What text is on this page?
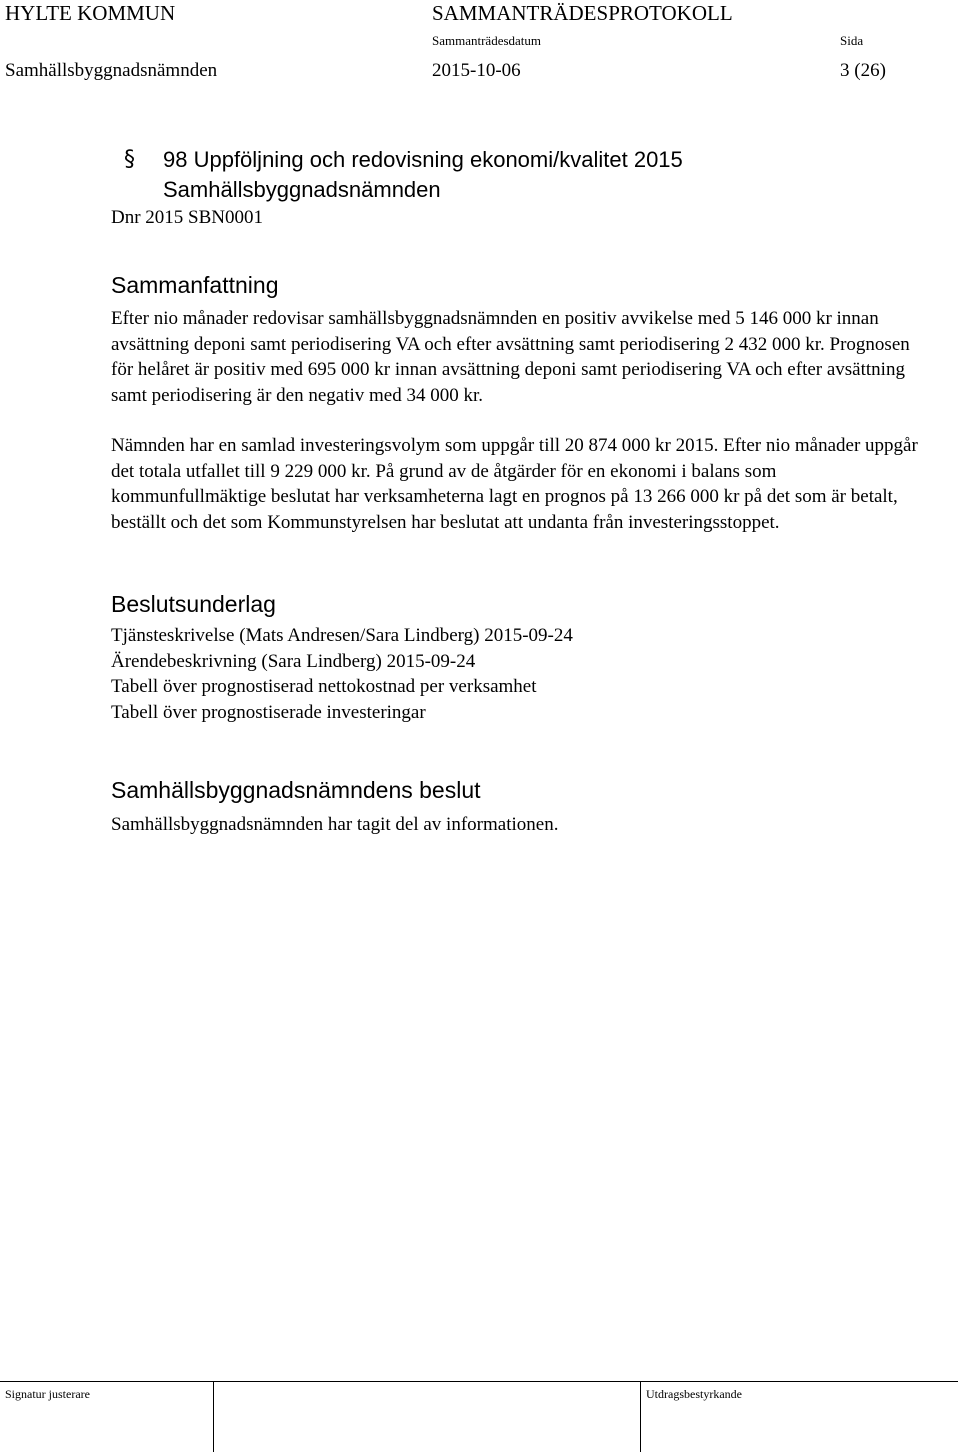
HYLTE KOMMUN	SAMMANTRÄDESPROTOKOLL
Sammanträdesdatum	Sida
Samhällsbyggnadsnämnden	2015-10-06	3 (26)
§ 98 Uppföljning och redovisning ekonomi/kvalitet 2015
Samhällsbyggnadsnämnden
Dnr 2015 SBN0001
Sammanfattning

Efter nio månader redovisar samhällsbyggnadsnämnden en positiv avvikelse med 5 146 000 kr innan avsättning deponi samt periodisering VA och efter avsättning samt periodisering 2 432 000 kr. Prognosen för helåret är positiv med 695 000 kr innan avsättning deponi samt periodisering VA och efter avsättning samt periodisering är den negativ med 34 000 kr.

Nämnden har en samlad investeringsvolym som uppgår till 20 874 000 kr 2015. Efter nio månader uppgår det totala utfallet till 9 229 000 kr. På grund av de åtgärder för en ekonomi i balans som kommunfullmäktige beslutat har verksamheterna lagt en prognos på 13 266 000 kr på det som är betalt, beställt och det som Kommunstyrelsen har beslutat att undanta från investeringsstoppet.

Beslutsunderlag
Tjänsteskrivelse (Mats Andresen/Sara Lindberg) 2015-09-24
Ärendebeskrivning (Sara Lindberg) 2015-09-24
Tabell över prognostiserad nettokostnad per verksamhet
Tabell över prognostiserade investeringar
Samhällsbyggnadsnämndens beslut
Samhällsbyggnadsnämnden har tagit del av informationen.
Signatur justerare	Utdragsbestyrkande
